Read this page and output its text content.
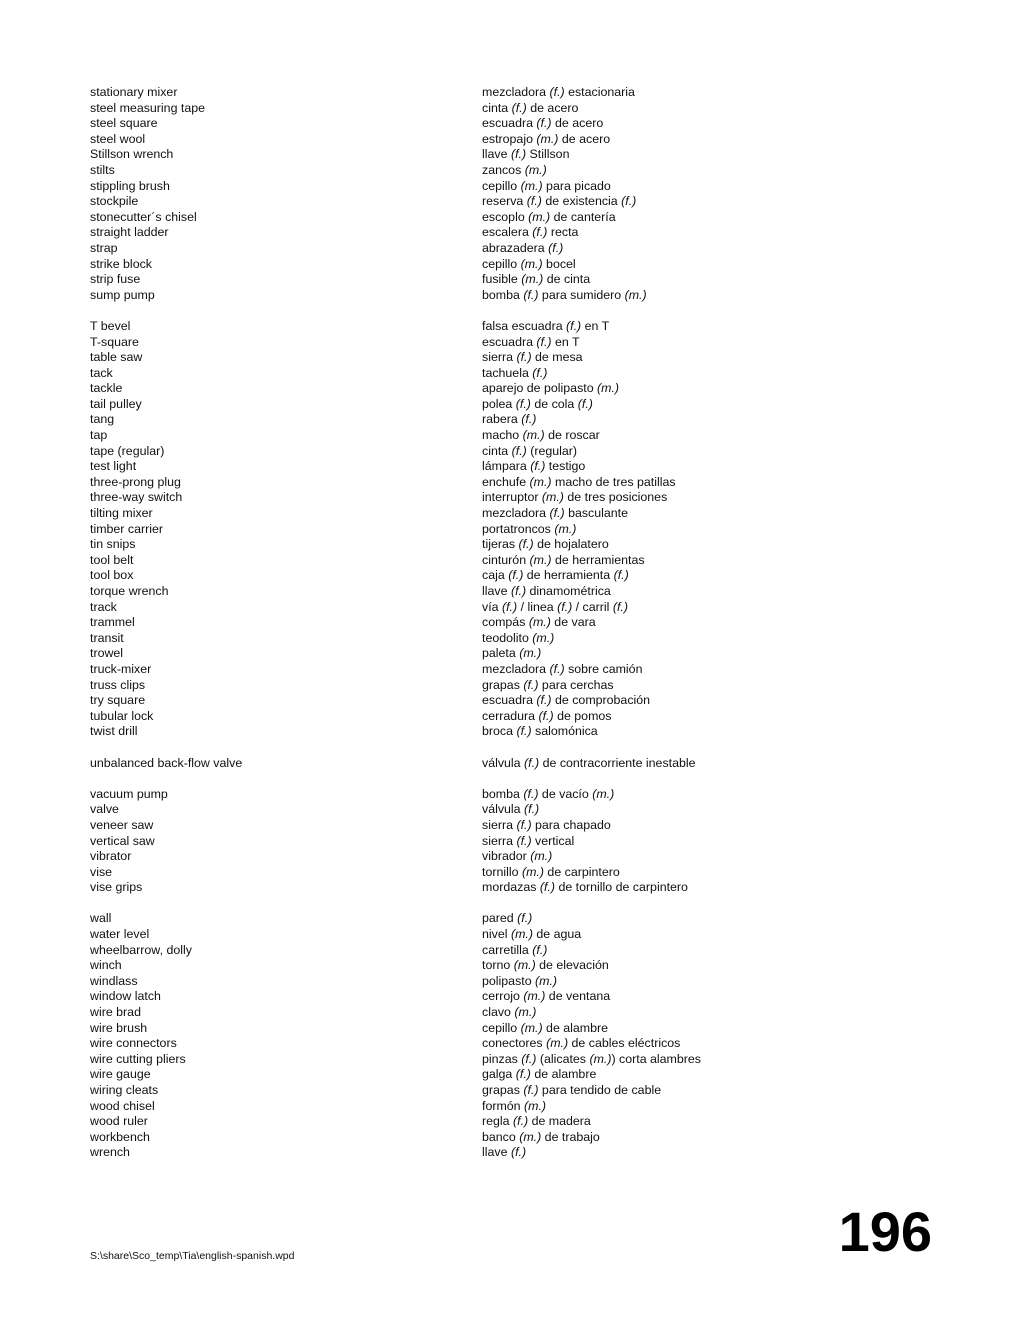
stationary mixer	mezcladora (f.) estacionaria
steel measuring tape	cinta (f.) de acero
steel square	escuadra (f.) de acero
steel wool	estropajo (m.) de acero
Stillson wrench	llave (f.) Stillson
stilts	zancos (m.)
stippling brush	cepillo (m.) para picado
stockpile	reserva (f.) de existencia (f.)
stonecutter´s chisel	escoplo (m.) de cantería
straight ladder	escalera (f.) recta
strap	abrazadera (f.)
strike block	cepillo (m.) bocel
strip fuse	fusible (m.) de cinta
sump pump	bomba (f.) para sumidero (m.)
T bevel	falsa escuadra (f.) en T
T-square	escuadra (f.) en T
table saw	sierra (f.) de mesa
tack	tachuela (f.)
tackle	aparejo de polipasto (m.)
tail pulley	polea (f.) de cola (f.)
tang	rabera (f.)
tap	macho (m.) de roscar
tape (regular)	cinta (f.) (regular)
test light	lámpara (f.) testigo
three-prong plug	enchufe (m.) macho de tres patillas
three-way switch	interruptor (m.) de tres posiciones
tilting mixer	mezcladora (f.) basculante
timber carrier	portatroncos (m.)
tin snips	tijeras (f.) de hojalatero
tool belt	cinturón (m.) de herramientas
tool box	caja (f.) de herramienta (f.)
torque wrench	llave (f.) dinamométrica
track	vía (f.) / linea (f.) / carril (f.)
trammel	compás (m.) de vara
transit	teodolito (m.)
trowel	paleta (m.)
truck-mixer	mezcladora (f.) sobre camión
truss clips	grapas (f.) para cerchas
try square	escuadra (f.) de comprobación
tubular lock	cerradura (f.) de pomos
twist drill	broca (f.) salomónica
unbalanced back-flow valve	válvula (f.) de contracorriente inestable
vacuum pump	bomba (f.) de vacío (m.)
valve	válvula (f.)
veneer saw	sierra (f.) para chapado
vertical saw	sierra (f.) vertical
vibrator	vibrador (m.)
vise	tornillo (m.) de carpintero
vise grips	mordazas (f.) de tornillo de carpintero
wall	pared (f.)
water level	nivel (m.) de agua
wheelbarrow, dolly	carretilla (f.)
winch	torno (m.) de elevación
windlass	polipasto (m.)
window latch	cerrojo (m.) de ventana
wire brad	clavo (m.)
wire brush	cepillo (m.) de alambre
wire connectors	conectores (m.) de cables eléctricos
wire cutting pliers	pinzas (f.) (alicates (m.)) corta alambres
wire gauge	galga (f.) de alambre
wiring cleats	grapas (f.) para tendido de cable
wood chisel	formón (m.)
wood ruler	regla (f.) de madera
workbench	banco (m.) de trabajo
wrench	llave (f.)
S:\share\Sco_temp\Tia\english-spanish.wpd	196
